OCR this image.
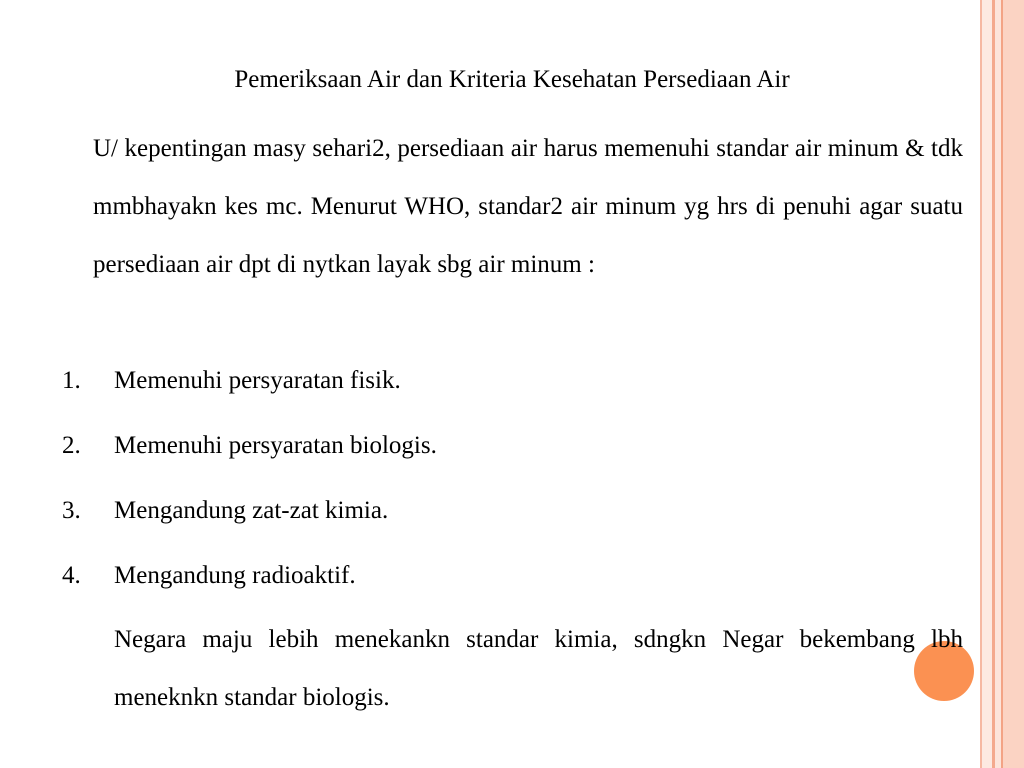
Pemeriksaan Air dan Kriteria Kesehatan Persediaan Air

U/ kepentingan masy sehari2, persediaan air harus memenuhi standar air minum & tdk mmbhayakn kes mc. Menurut WHO, standar2 air minum yg hrs di penuhi agar suatu persediaan air dpt di nytkan layak sbg air minum :

1. Memenuhi persyaratan fisik.
2. Memenuhi persyaratan biologis.
3. Mengandung zat-zat kimia.
4. Mengandung radioaktif.

Negara maju lebih menekankn standar kimia, sdngkn Negar bekembang lbh meneknkn standar biologis.
